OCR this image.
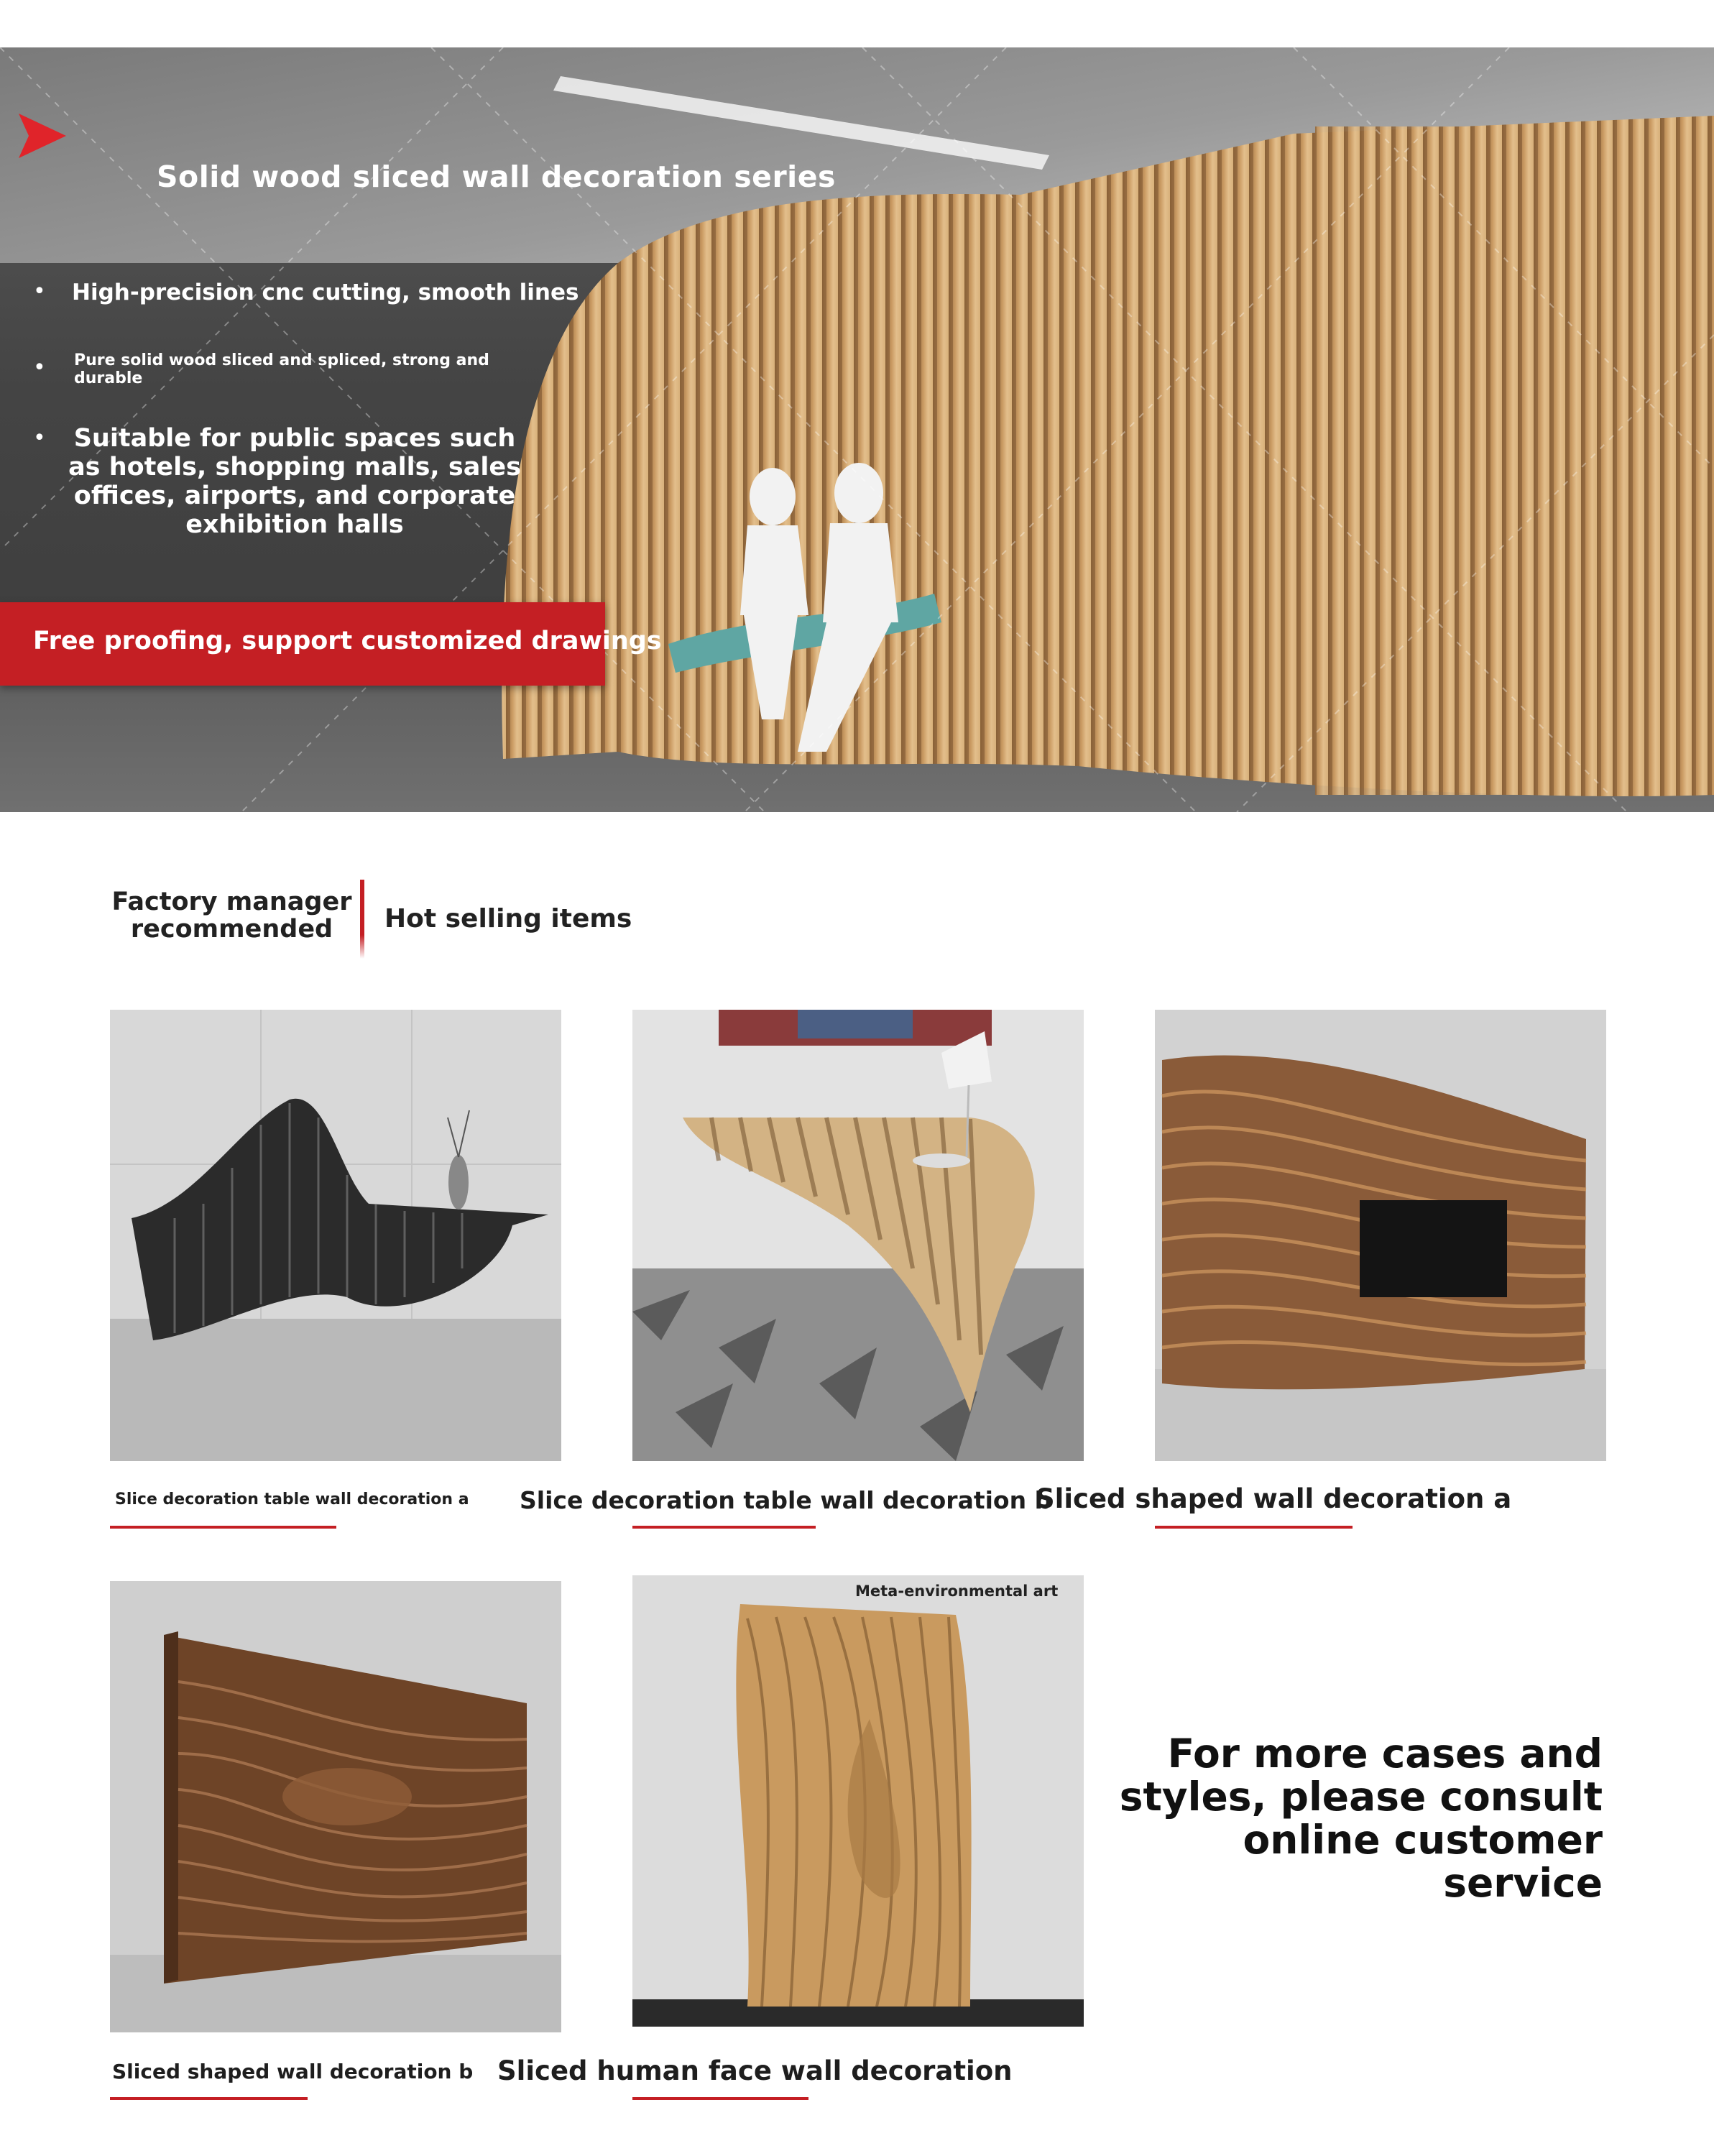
Solid wood sliced wall decoration series
• High-precision cnc cutting, smooth lines
• Pure solid wood sliced and spliced, strong and durable
•	Suitable for public spaces such as hotels, shopping malls, sales offices, airports, and corporate exhibition halls
Free proofing, support customized drawings
Factory manager recommended	Hot selling items
Slice decoration table wall decoration a Slice decoration table wall decoration b
Sliced shaped wall decoration a
Sliced shaped wall decoration b
Meta-environmental art
Sliced human face wall decoration
For more cases and styles, please consult online customer service
